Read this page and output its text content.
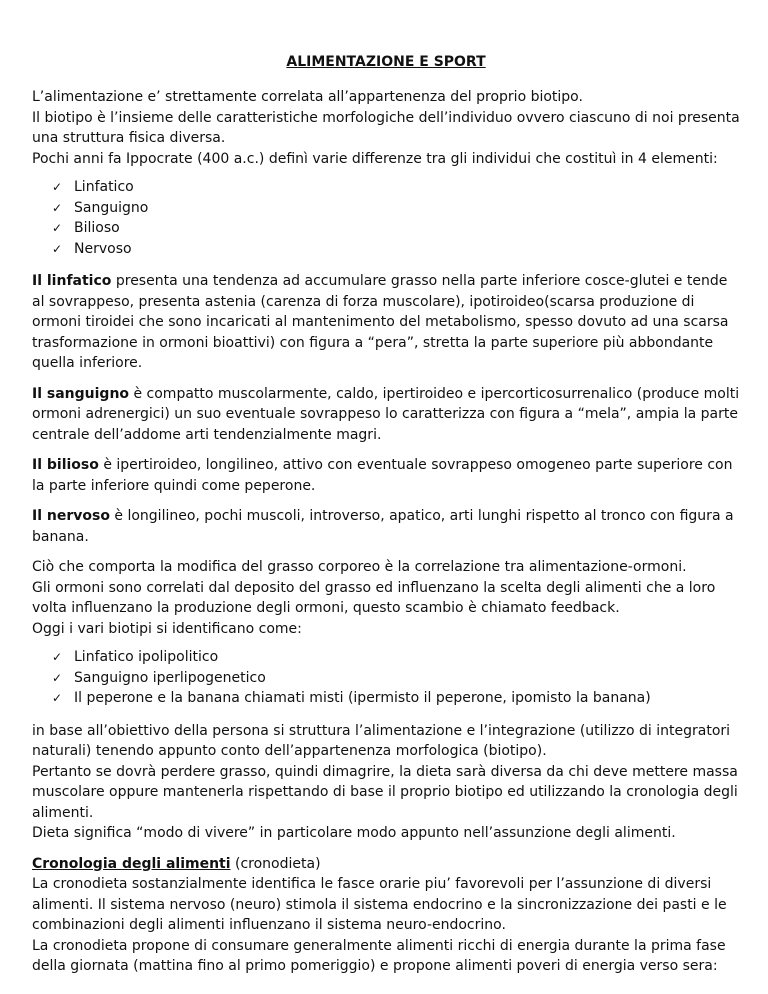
ALIMENTAZIONE E SPORT

L’alimentazione e’ strettamente correlata all’appartenenza del proprio biotipo.
Il biotipo è l’insieme delle caratteristiche morfologiche dell’individuo ovvero ciascuno di noi presenta una struttura fisica diversa.
Pochi anni fa Ippocrate (400 a.c.) definì varie differenze tra gli individui che costituì in 4 elementi:

✓ Linfatico
✓ Sanguigno
✓ Bilioso
✓ Nervoso

Il linfatico presenta una tendenza ad accumulare grasso nella parte inferiore cosce-glutei e tende al sovrappeso, presenta astenia (carenza di forza muscolare), ipotiroideo(scarsa produzione di ormoni tiroidei che sono incaricati al mantenimento del metabolismo, spesso dovuto ad una scarsa trasformazione in ormoni bioattivi) con figura a “pera”, stretta la parte superiore più abbondante quella inferiore.

Il sanguigno è compatto muscolarmente, caldo, ipertiroideo e ipercorticosurrenalico (produce molti ormoni adrenergici) un suo eventuale sovrappeso lo caratterizza con figura a “mela”, ampia la parte centrale dell’addome arti tendenzialmente magri.

Il bilioso è ipertiroideo, longilineo, attivo con eventuale sovrappeso omogeneo parte superiore con la parte inferiore quindi come peperone.

Il nervoso è longilineo, pochi muscoli, introverso, apatico, arti lunghi rispetto al tronco con figura a banana.

Ciò che comporta la modifica del grasso corporeo è la correlazione tra alimentazione-ormoni.
Gli ormoni sono correlati dal deposito del grasso ed influenzano la scelta degli alimenti che a loro volta influenzano la produzione degli ormoni, questo scambio è chiamato feedback.
Oggi i vari biotipi si identificano come:

✓ Linfatico ipolipolitico
✓ Sanguigno iperlipogenetico
✓ Il peperone e la banana chiamati misti (ipermisto il peperone, ipomisto la banana)

in base all’obiettivo della persona si struttura l’alimentazione e l’integrazione (utilizzo di integratori naturali) tenendo appunto conto dell’appartenenza morfologica (biotipo).
Pertanto se dovrà perdere grasso, quindi dimagrire, la dieta sarà diversa da chi deve mettere massa muscolare oppure mantenerla rispettando di base il proprio biotipo ed utilizzando la cronologia degli alimenti.
Dieta significa “modo di vivere” in particolare modo appunto nell’assunzione degli alimenti.

Cronologia degli alimenti (cronodieta)

La cronodieta sostanzialmente identifica le fasce orarie piu’ favorevoli per l’assunzione di diversi alimenti. Il sistema nervoso (neuro) stimola il sistema endocrino e la sincronizzazione dei pasti e le combinazioni degli alimenti influenzano il sistema neuro-endocrino.
La cronodieta propone di consumare generalmente alimenti ricchi di energia durante la prima fase della giornata (mattina fino al primo pomeriggio) e propone alimenti poveri di energia verso sera:
